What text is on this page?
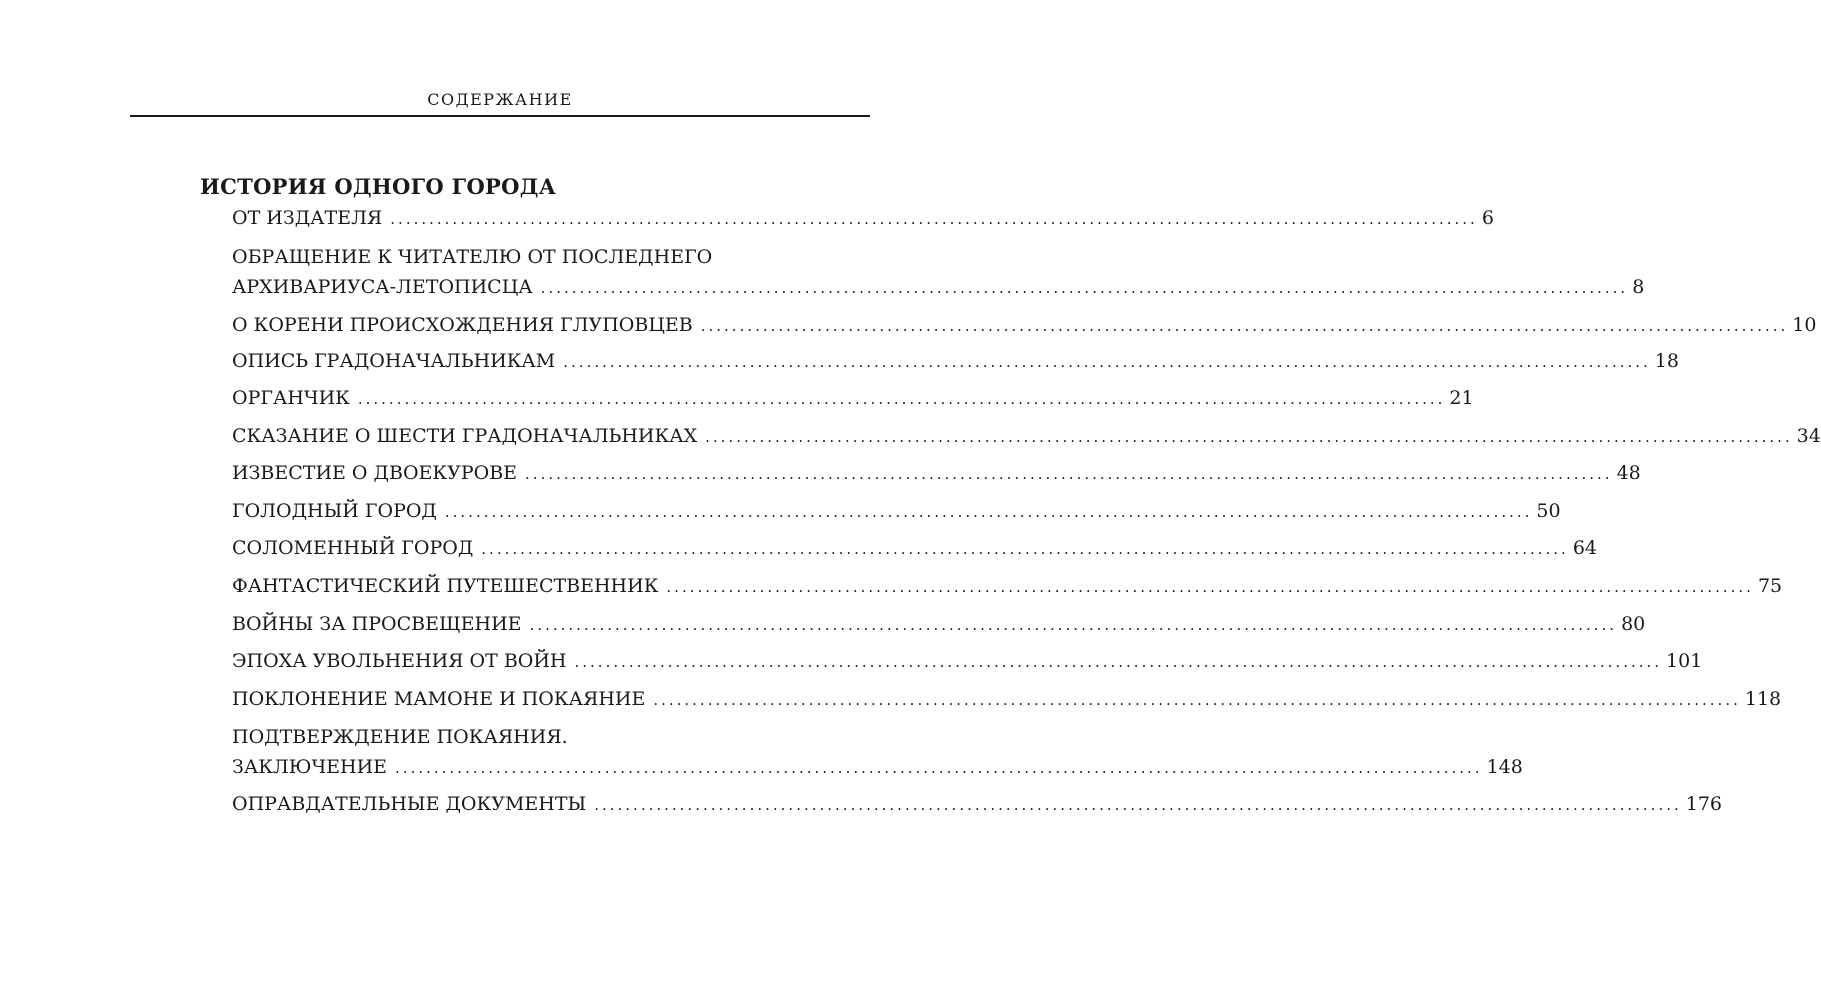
СОДЕРЖАНИЕ
ИСТОРИЯ ОДНОГО ГОРОДА
ОТ ИЗДАТЕЛЯ ............................................................................................................................................ 6
ОБРАЩЕНИЕ К ЧИТАТЕЛЮ ОТ ПОСЛЕДНЕГО
АРХИВАРИУСА-ЛЕТОПИСЦА ............................................................................................................................................ 8
О КОРЕНИ ПРОИСХОЖДЕНИЯ ГЛУПОВЦЕВ ............................................................................................................................................ 10
ОПИСЬ ГРАДОНАЧАЛЬНИКАМ ............................................................................................................................................ 18
ОРГАНЧИК ............................................................................................................................................ 21
СКАЗАНИЕ О ШЕСТИ ГРАДОНАЧАЛЬНИКАХ ............................................................................................................................................ 34
ИЗВЕСТИЕ О ДВОЕКУРОВЕ ............................................................................................................................................ 48
ГОЛОДНЫЙ ГОРОД ............................................................................................................................................ 50
СОЛОМЕННЫЙ ГОРОД ............................................................................................................................................ 64
ФАНТАСТИЧЕСКИЙ ПУТЕШЕСТВЕННИК ............................................................................................................................................ 75
ВОЙНЫ ЗА ПРОСВЕЩЕНИЕ ............................................................................................................................................ 80
ЭПОХА УВОЛЬНЕНИЯ ОТ ВОЙН ............................................................................................................................................ 101
ПОКЛОНЕНИЕ МАМОНЕ И ПОКАЯНИЕ ............................................................................................................................................ 118
ПОДТВЕРЖДЕНИЕ ПОКАЯНИЯ.
ЗАКЛЮЧЕНИЕ ............................................................................................................................................ 148
ОПРАВДАТЕЛЬНЫЕ ДОКУМЕНТЫ ............................................................................................................................................ 176
